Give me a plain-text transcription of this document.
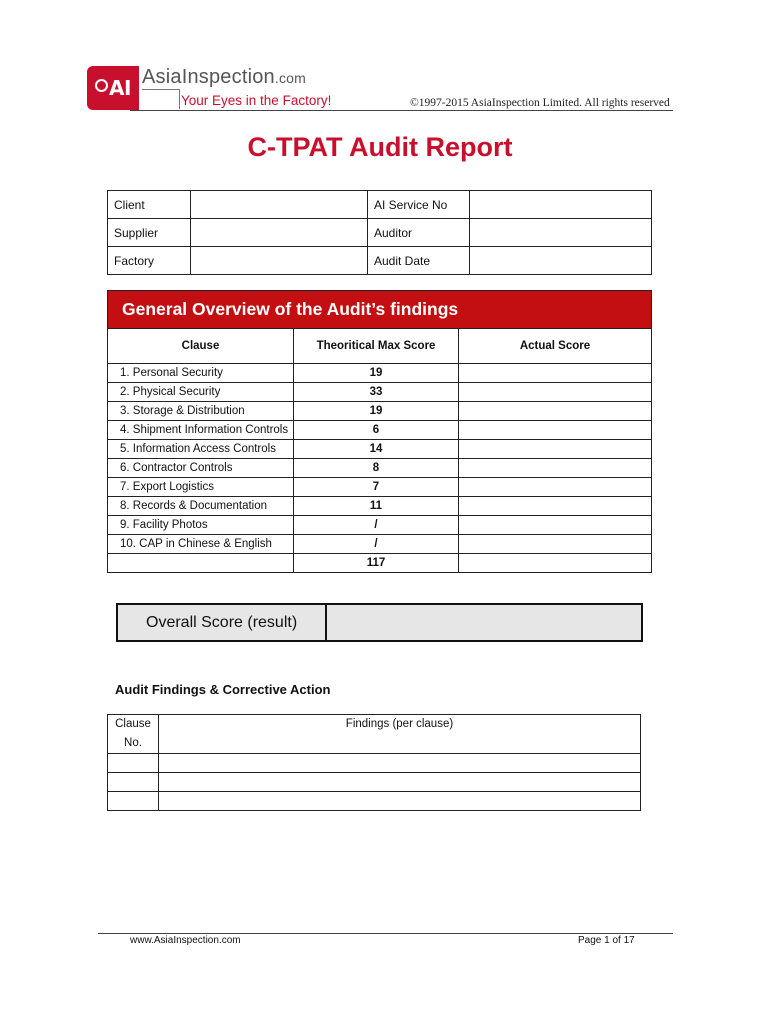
AI AsiaInspection.com
Your Eyes in the Factory!	©1997-2015 AsiaInspection Limited. All rights reserved
C-TPAT Audit Report
Client		AI Service No	
Supplier		Auditor	
Factory		Audit Date	
General Overview of the Audit’s findings
Clause	Theoritical Max Score	Actual Score
1. Personal Security	19	
2. Physical Security	33	
3. Storage & Distribution	19	
4. Shipment Information Controls	6	
5. Information Access Controls	14	
6. Contractor Controls	8	
7. Export Logistics	7	
8. Records & Documentation	11	
9. Facility Photos	/	
10. CAP in Chinese & English	/	
	117	
Overall Score (result)
Audit Findings & Corrective Action
Clause No.	Findings (per clause)

www.AsiaInspection.com	Page 1 of 17
